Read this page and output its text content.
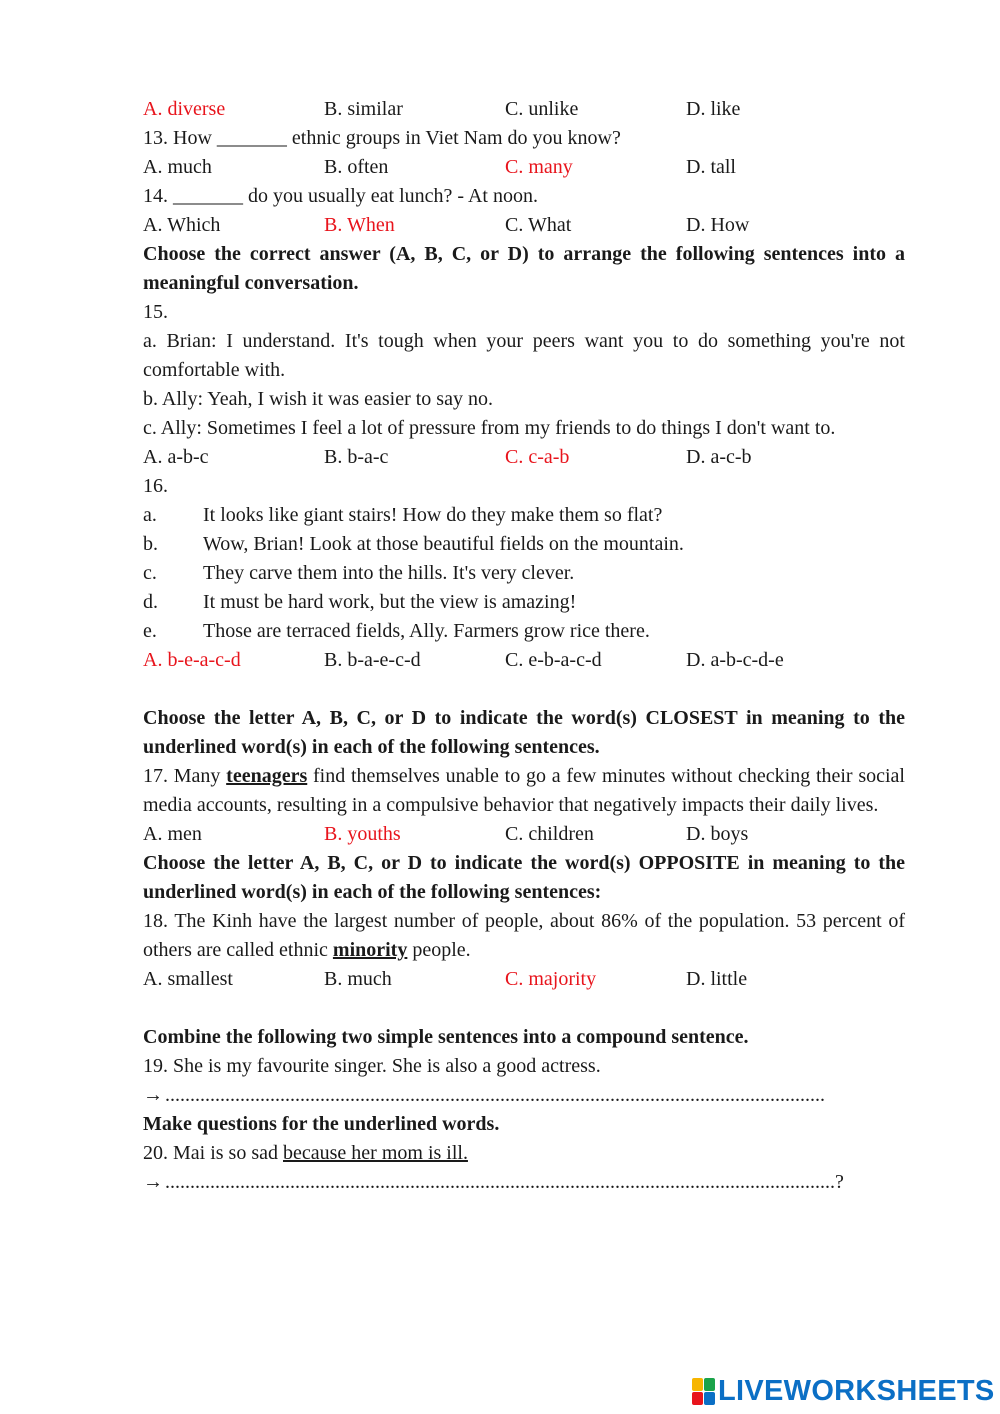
A. diverse	B. similar	C. unlike	D. like
13. How _______ ethnic groups in Viet Nam do you know?
A. much	B. often	C. many	D. tall
14. _______ do you usually eat lunch? - At noon.
A. Which	B. When	C. What	D. How
Choose the correct answer (A, B, C, or D) to arrange the following sentences into a meaningful conversation.
15.
a. Brian: I understand. It's tough when your peers want you to do something you're not comfortable with.
b. Ally: Yeah, I wish it was easier to say no.
c. Ally: Sometimes I feel a lot of pressure from my friends to do things I don't want to.
A. a-b-c	B. b-a-c	C. c-a-b	D. a-c-b
16.
a.	It looks like giant stairs! How do they make them so flat?
b.	Wow, Brian! Look at those beautiful fields on the mountain.
c.	They carve them into the hills. It's very clever.
d.	It must be hard work, but the view is amazing!
e.	Those are terraced fields, Ally. Farmers grow rice there.
A. b-e-a-c-d	B. b-a-e-c-d	C. e-b-a-c-d	D. a-b-c-d-e
Choose the letter A, B, C, or D to indicate the word(s) CLOSEST in meaning to the underlined word(s) in each of the following sentences.
17. Many teenagers find themselves unable to go a few minutes without checking their social media accounts, resulting in a compulsive behavior that negatively impacts their daily lives.
A. men	B. youths	C. children	D. boys
Choose the letter A, B, C, or D to indicate the word(s) OPPOSITE in meaning to the underlined word(s) in each of the following sentences:
18. The Kinh have the largest number of people, about 86% of the population. 53 percent of others are called ethnic minority people.
A. smallest	B. much	C. majority	D. little
Combine the following two simple sentences into a compound sentence.
19. She is my favourite singer. She is also a good actress.
→ ....................................................................................................................................
Make questions for the underlined words.
20. Mai is so sad because her mom is ill.
→ ......................................................................................................................................?
LIVEWORKSHEETS
